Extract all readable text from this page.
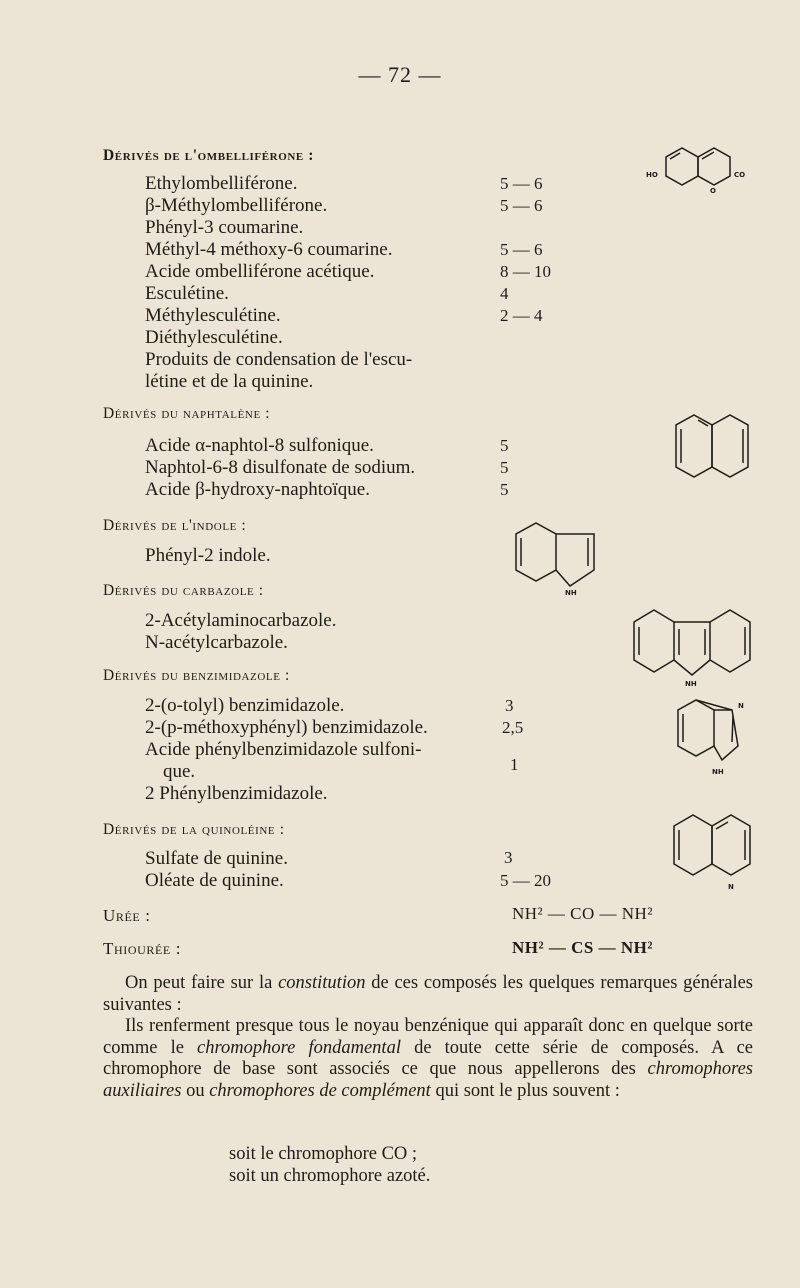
— 72 —
Dérivés de l'ombelliférone :
Ethylombelliférone.	5 — 6
β-Méthylombelliférone.	5 — 6
Phényl-3 coumarine.
Méthyl-4 méthoxy-6 coumarine.	5 — 6
Acide ombelliférone acétique.	8 — 10
Esculétine.	4
Méthylesculétine.	2 — 4
Diéthylesculétine.
Produits de condensation de l'escu-
létine et de la quinine.
Dérivés du naphtalène :
Acide α-naphtol-8 sulfonique.	5
Naphtol-6-8 disulfonate de sodium.	5
Acide β-hydroxy-naphtoïque.	5
Dérivés de l'indole :
Phényl-2 indole.
Dérivés du carbazole :
2-Acétylaminocarbazole.
N-acétylcarbazole.
Dérivés du benzimidazole :
2-(o-tolyl) benzimidazole.	3
2-(p-méthoxyphényl) benzimidazole.	2,5
Acide phénylbenzimidazole sulfoni-
que.	1
2 Phénylbenzimidazole.
Dérivés de la quinoléine :
Sulfate de quinine.	3
Oléate de quinine.	5 — 20
Urée :	NH² — CO — NH²
Thiourée :	NH² — CS — NH²
On peut faire sur la constitution de ces composés les quelques remarques générales suivantes :
Ils renferment presque tous le noyau benzénique qui apparaît donc en quelque sorte comme le chromophore fondamental de toute cette série de composés. A ce chromophore de base sont associés ce que nous appellerons des chromophores auxiliaires ou chromophores de complément qui sont le plus souvent :
soit le chromophore CO ;
soit un chromophore azoté.
HO
O
CO
NH
NH
N
NH
N
